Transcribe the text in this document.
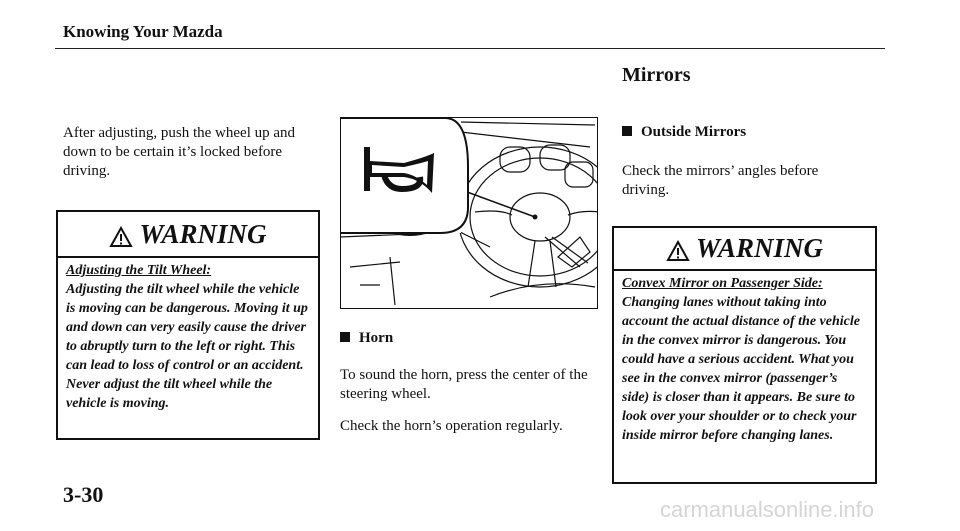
Knowing Your Mazda
Mirrors
After adjusting, push the wheel up and down to be certain it’s locked before driving.
WARNING
Adjusting the Tilt Wheel:
Adjusting the tilt wheel while the vehicle is moving can be dangerous. Moving it up and down can very easily cause the driver to abruptly turn to the left or right. This can lead to loss of control or an accident. Never adjust the tilt wheel while the vehicle is moving.
Horn
To sound the horn, press the center of the steering wheel.
Check the horn’s operation regularly.
Outside Mirrors
Check the mirrors’ angles before driving.
WARNING
Convex Mirror on Passenger Side:
Changing lanes without taking into account the actual distance of the vehicle in the convex mirror is dangerous. You could have a serious accident. What you see in the convex mirror (passenger’s side) is closer than it appears. Be sure to look over your shoulder or to check your inside mirror before changing lanes.
3-30
carmanualsonline.info
